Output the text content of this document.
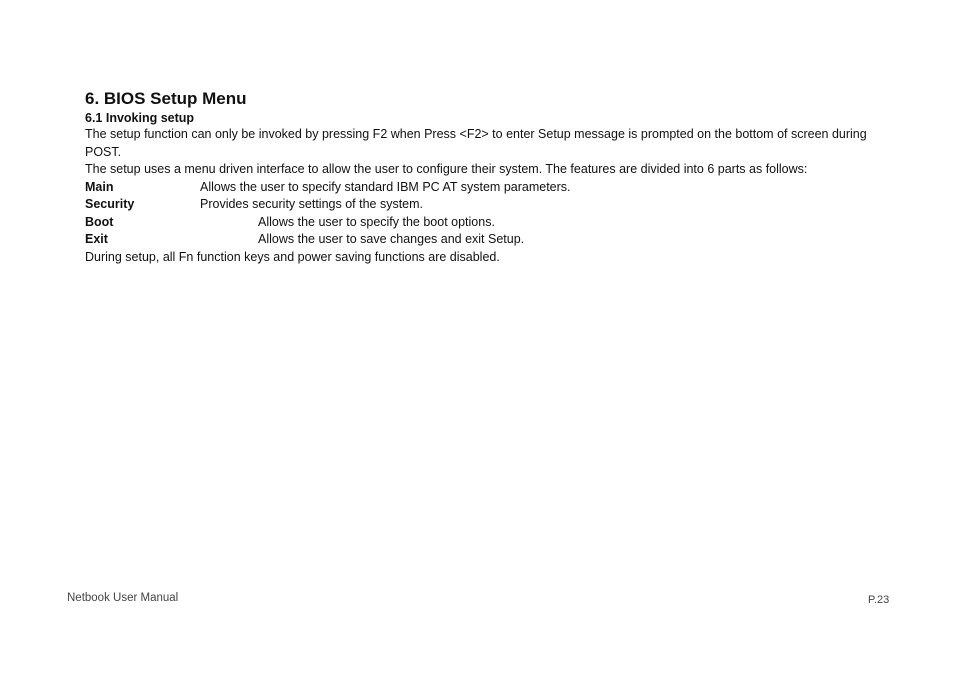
6. BIOS Setup Menu
6.1 Invoking setup

The setup function can only be invoked by pressing F2 when Press <F2> to enter Setup message is prompted on the bottom of screen during POST.

The setup uses a menu driven interface to allow the user to configure their system. The features are divided into 6 parts as follows:

Main	Allows the user to specify standard IBM PC AT system parameters.
Security	Provides security settings of the system.
Boot	Allows the user to specify the boot options.
Exit	Allows the user to save changes and exit Setup.

During setup, all Fn function keys and power saving functions are disabled.

Netbook User Manual	P.23
